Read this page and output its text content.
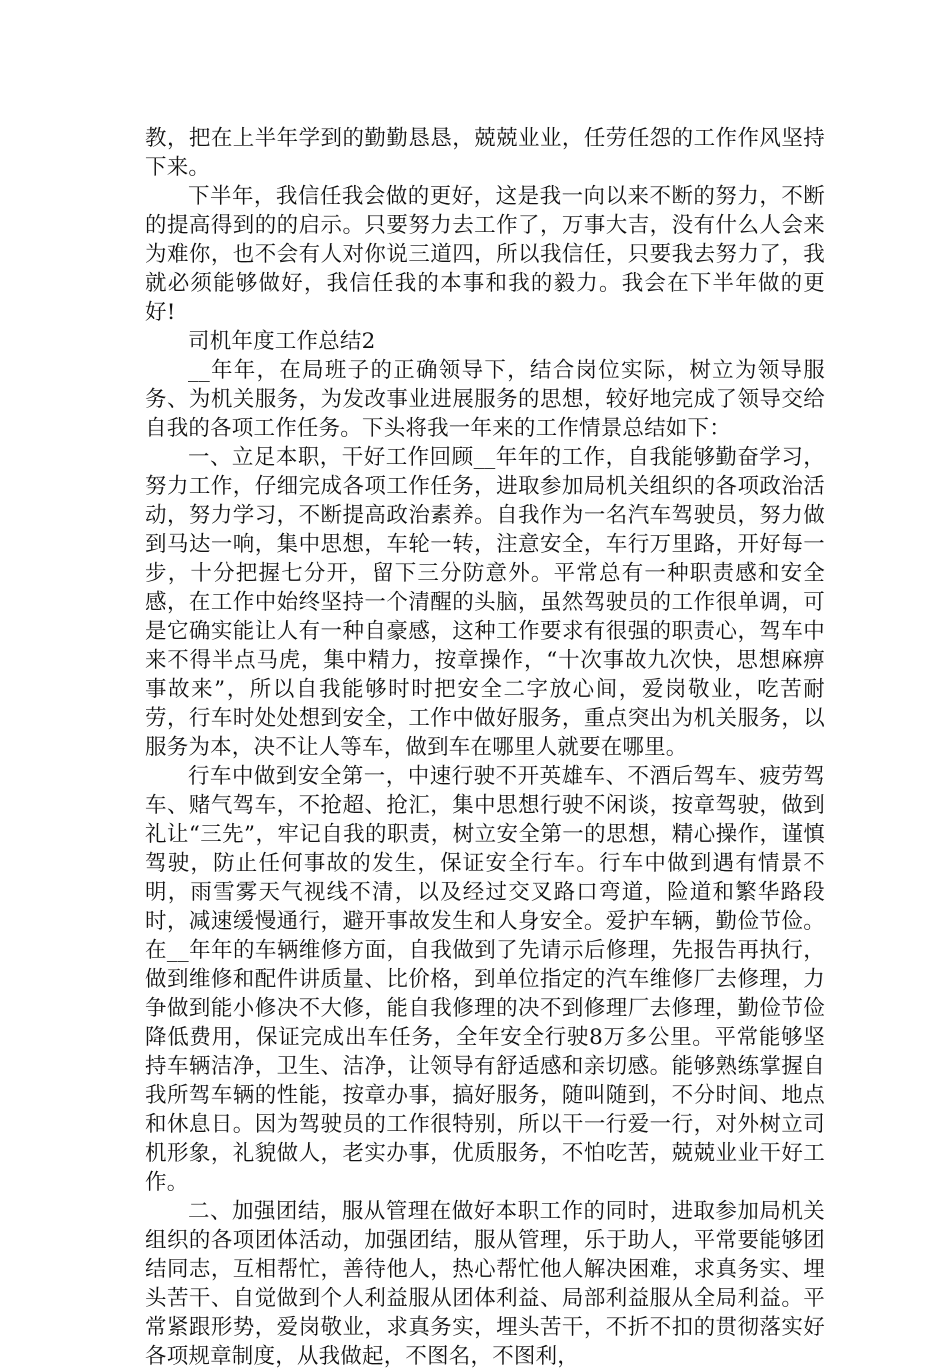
教，把在上半年学到的勤勤恳恳，兢兢业业，任劳任怨的工作作风坚持下来。

下半年，我信任我会做的更好，这是我一向以来不断的努力，不断的提高得到的的启示。只要努力去工作了，万事大吉，没有什么人会来为难你，也不会有人对你说三道四，所以我信任，只要我去努力了，我就必须能够做好，我信任我的本事和我的毅力。我会在下半年做的更好!

司机年度工作总结2

__年年，在局班子的正确领导下，结合岗位实际，树立为领导服务、为机关服务，为发改事业进展服务的思想，较好地完成了领导交给自我的各项工作任务。下头将我一年来的工作情景总结如下：

一、立足本职，干好工作回顾__年年的工作，自我能够勤奋学习，努力工作，仔细完成各项工作任务，进取参加局机关组织的各项政治活动，努力学习，不断提高政治素养。自我作为一名汽车驾驶员，努力做到马达一响，集中思想，车轮一转，注意安全，车行万里路，开好每一步，十分把握七分开，留下三分防意外。平常总有一种职责感和安全感，在工作中始终坚持一个清醒的头脑，虽然驾驶员的工作很单调，可是它确实能让人有一种自豪感，这种工作要求有很强的职责心，驾车中来不得半点马虎，集中精力，按章操作，“十次事故九次快，思想麻痹事故来”，所以自我能够时时把安全二字放心间，爱岗敬业，吃苦耐劳，行车时处处想到安全，工作中做好服务，重点突出为机关服务，以服务为本，决不让人等车，做到车在哪里人就要在哪里。

行车中做到安全第一，中速行驶不开英雄车、不酒后驾车、疲劳驾车、赌气驾车，不抢超、抢汇，集中思想行驶不闲谈，按章驾驶，做到礼让“三先”，牢记自我的职责，树立安全第一的思想，精心操作，谨慎驾驶，防止任何事故的发生，保证安全行车。行车中做到遇有情景不明，雨雪雾天气视线不清，以及经过交叉路口弯道，险道和繁华路段时，减速缓慢通行，避开事故发生和人身安全。爱护车辆，勤俭节俭。在__年年的车辆维修方面，自我做到了先请示后修理，先报告再执行，做到维修和配件讲质量、比价格，到单位指定的汽车维修厂去修理，力争做到能小修决不大修，能自我修理的决不到修理厂去修理，勤俭节俭降低费用，保证完成出车任务，全年安全行驶8万多公里。平常能够坚持车辆洁净，卫生、洁净，让领导有舒适感和亲切感。能够熟练掌握自我所驾车辆的性能，按章办事，搞好服务，随叫随到，不分时间、地点和休息日。因为驾驶员的工作很特别，所以干一行爱一行，对外树立司机形象，礼貌做人，老实办事，优质服务，不怕吃苦，兢兢业业干好工作。

二、加强团结，服从管理在做好本职工作的同时，进取参加局机关组织的各项团体活动，加强团结，服从管理，乐于助人，平常要能够团结同志，互相帮忙，善待他人，热心帮忙他人解决困难，求真务实、埋头苦干、自觉做到个人利益服从团体利益、局部利益服从全局利益。平常紧跟形势，爱岗敬业，求真务实，埋头苦干，不折不扣的贯彻落实好各项规章制度，从我做起，不图名，不图利，
